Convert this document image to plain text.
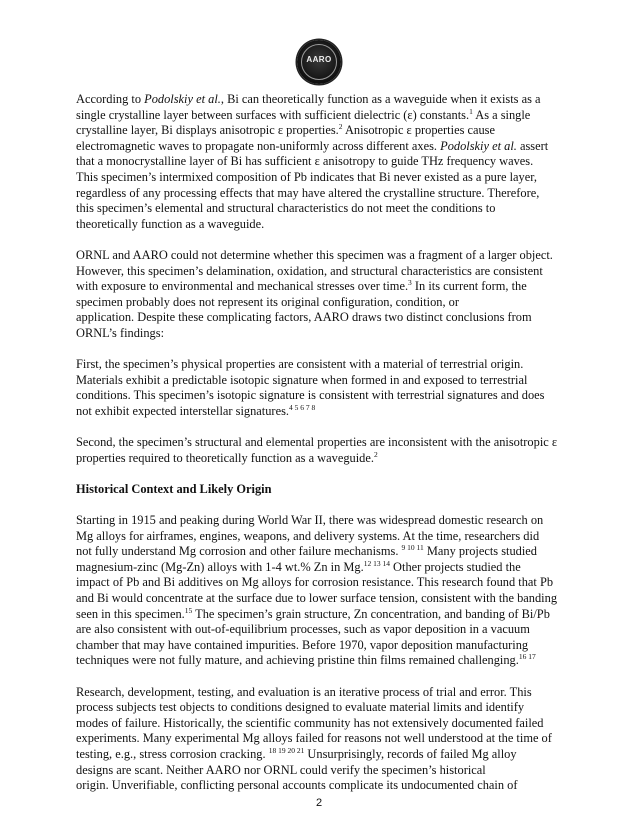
AARO
According to Podolskiy et al., Bi can theoretically function as a waveguide when it exists as a
single crystalline layer between surfaces with sufficient dielectric (ε) constants.$^1$ As a single
crystalline layer, Bi displays anisotropic ε properties.$^2$ Anisotropic ε properties cause
electromagnetic waves to propagate non-uniformly across different axes. Podolskiy et al. assert
that a monocrystalline layer of Bi has sufficient ε anisotropy to guide THz frequency waves.
This specimen’s intermixed composition of Pb indicates that Bi never existed as a pure layer,
regardless of any processing effects that may have altered the crystalline structure. Therefore,
this specimen’s elemental and structural characteristics do not meet the conditions to
theoretically function as a waveguide.
ORNL and AARO could not determine whether this specimen was a fragment of a larger object.
However, this specimen’s delamination, oxidation, and structural characteristics are consistent
with exposure to environmental and mechanical stresses over time.$^3$ In its current form, the
specimen probably does not represent its original configuration, condition, or
application. Despite these complicating factors, AARO draws two distinct conclusions from
ORNL’s findings:
First, the specimen’s physical properties are consistent with a material of terrestrial origin.
Materials exhibit a predictable isotopic signature when formed in and exposed to terrestrial
conditions. This specimen’s isotopic signature is consistent with terrestrial signatures and does
not exhibit expected interstellar signatures.$^{4 5 6 7 8}$
Second, the specimen’s structural and elemental properties are inconsistent with the anisotropic ε
properties required to theoretically function as a waveguide.$^2$
Historical Context and Likely Origin
Starting in 1915 and peaking during World War II, there was widespread domestic research on
Mg alloys for airframes, engines, weapons, and delivery systems. At the time, researchers did
not fully understand Mg corrosion and other failure mechanisms. $^{9 10 11}$ Many projects studied
magnesium-zinc (Mg-Zn) alloys with 1-4 wt.% Zn in Mg.$^{12 13 14}$ Other projects studied the
impact of Pb and Bi additives on Mg alloys for corrosion resistance. This research found that Pb
and Bi would concentrate at the surface due to lower surface tension, consistent with the banding
seen in this specimen.$^{15}$ The specimen’s grain structure, Zn concentration, and banding of Bi/Pb
are also consistent with out-of-equilibrium processes, such as vapor deposition in a vacuum
chamber that may have contained impurities. Before 1970, vapor deposition manufacturing
techniques were not fully mature, and achieving pristine thin films remained challenging.$^{16 17}$
Research, development, testing, and evaluation is an iterative process of trial and error. This
process subjects test objects to conditions designed to evaluate material limits and identify
modes of failure. Historically, the scientific community has not extensively documented failed
experiments. Many experimental Mg alloys failed for reasons not well understood at the time of
testing, e.g., stress corrosion cracking. $^{18 19 20 21}$ Unsurprisingly, records of failed Mg alloy
designs are scant. Neither AARO nor ORNL could verify the specimen’s historical
origin. Unverifiable, conflicting personal accounts complicate its undocumented chain of
2
